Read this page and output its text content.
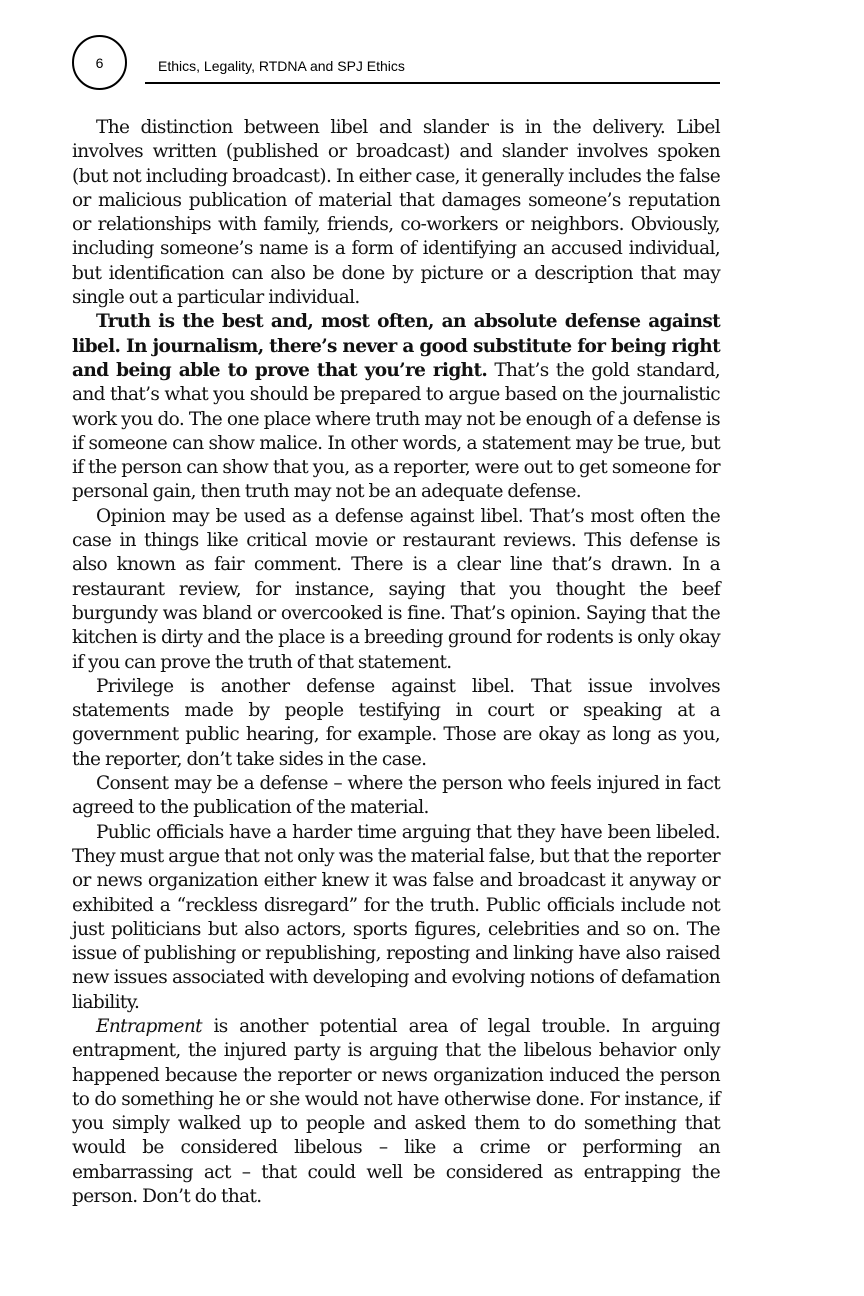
6	Ethics, Legality, RTDNA and SPJ Ethics

The distinction between libel and slander is in the delivery. Libel involves written (published or broadcast) and slander involves spoken (but not including broadcast). In either case, it generally includes the false or malicious publication of material that damages someone’s reputation or relationships with family, friends, co-workers or neighbors. Obviously, including someone’s name is a form of identifying an accused individual, but identification can also be done by picture or a description that may single out a particular individual.

Truth is the best and, most often, an absolute defense against libel. In journalism, there’s never a good substitute for being right and being able to prove that you’re right. That’s the gold standard, and that’s what you should be prepared to argue based on the journalistic work you do. The one place where truth may not be enough of a defense is if someone can show malice. In other words, a statement may be true, but if the person can show that you, as a reporter, were out to get someone for personal gain, then truth may not be an adequate defense.

Opinion may be used as a defense against libel. That’s most often the case in things like critical movie or restaurant reviews. This defense is also known as fair comment. There is a clear line that’s drawn. In a restaurant review, for instance, saying that you thought the beef burgundy was bland or overcooked is fine. That’s opinion. Saying that the kitchen is dirty and the place is a breeding ground for rodents is only okay if you can prove the truth of that statement.

Privilege is another defense against libel. That issue involves statements made by people testifying in court or speaking at a government public hearing, for example. Those are okay as long as you, the reporter, don’t take sides in the case.

Consent may be a defense – where the person who feels injured in fact agreed to the publication of the material.

Public officials have a harder time arguing that they have been libeled. They must argue that not only was the material false, but that the reporter or news organization either knew it was false and broadcast it anyway or exhibited a “reckless disregard” for the truth. Public officials include not just politicians but also actors, sports figures, celebrities and so on. The issue of publishing or republishing, reposting and linking have also raised new issues associated with developing and evolving notions of defamation liability.

Entrapment is another potential area of legal trouble. In arguing entrapment, the injured party is arguing that the libelous behavior only happened because the reporter or news organization induced the person to do something he or she would not have otherwise done. For instance, if you simply walked up to people and asked them to do something that would be considered libelous – like a crime or performing an embarrassing act – that could well be considered as entrapping the person. Don’t do that.
